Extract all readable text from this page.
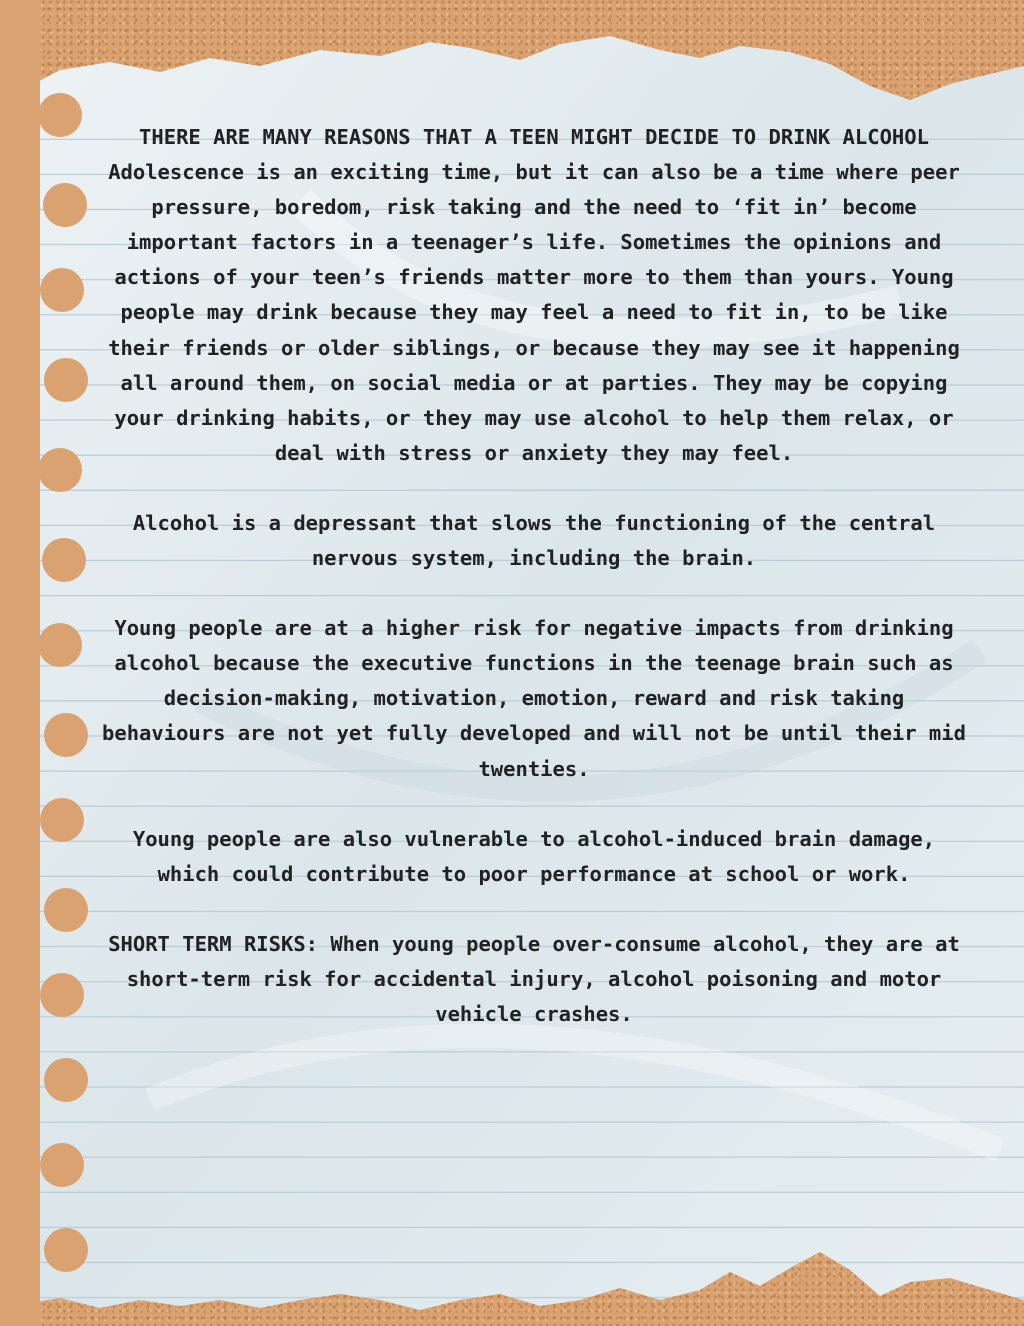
THERE ARE MANY REASONS THAT A TEEN MIGHT DECIDE TO DRINK ALCOHOL

Adolescence is an exciting time, but it can also be a time where peer pressure, boredom, risk taking and the need to ‘fit in’ become important factors in a teenager’s life. Sometimes the opinions and actions of your teen’s friends matter more to them than yours. Young people may drink because they may feel a need to fit in, to be like their friends or older siblings, or because they may see it happening all around them, on social media or at parties. They may be copying your drinking habits, or they may use alcohol to help them relax, or deal with stress or anxiety they may feel.

Alcohol is a depressant that slows the functioning of the central nervous system, including the brain.

Young people are at a higher risk for negative impacts from drinking alcohol because the executive functions in the teenage brain such as decision-making, motivation, emotion, reward and risk taking behaviours are not yet fully developed and will not be until their mid twenties.

Young people are also vulnerable to alcohol-induced brain damage, which could contribute to poor performance at school or work.

SHORT TERM RISKS: When young people over-consume alcohol, they are at short-term risk for accidental injury, alcohol poisoning and motor vehicle crashes.
